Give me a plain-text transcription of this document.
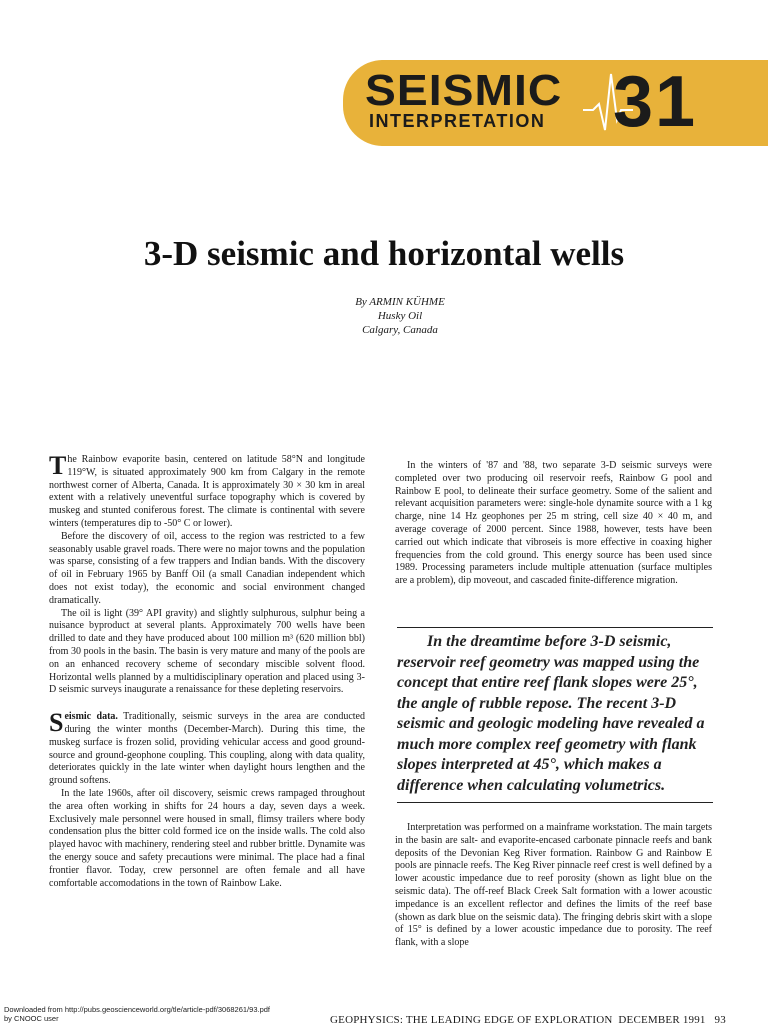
SEISMIC
INTERPRETATION 31
3-D seismic and horizontal wells
By ARMIN KÜHME
Husky Oil
Calgary, Canada

The Rainbow evaporite basin, centered on latitude 58°N and longitude 119°W, is situated approximately 900 km from Calgary in the remote northwest corner of Alberta, Canada. It is approximately 30 × 30 km in areal extent with a relatively uneventful surface topography which is covered by muskeg and stunted coniferous forest. The climate is continental with severe winters (temperatures dip to -50° C or lower).

Before the discovery of oil, access to the region was restricted to a few seasonably usable gravel roads. There were no major towns and the population was sparse, consisting of a few trappers and Indian bands. With the discovery of oil in February 1965 by Banff Oil (a small Canadian independent which does not exist today), the economic and social environment changed dramatically.

The oil is light (39° API gravity) and slightly sulphurous, sulphur being a nuisance byproduct at several plants. Approximately 700 wells have been drilled to date and they have produced about 100 million m³ (620 million bbl) from 30 pools in the basin. The basin is very mature and many of the pools are on an enhanced recovery scheme of secondary miscible solvent flood. Horizontal wells planned by a multidisciplinary operation and placed using 3-D seismic surveys inaugurate a renaissance for these depleting reservoirs.

Seismic data. Traditionally, seismic surveys in the area are conducted during the winter months (December-March). During this time, the muskeg surface is frozen solid, providing vehicular access and good ground-source and ground-geophone coupling. This coupling, along with data quality, deteriorates quickly in the late winter when daylight hours lengthen and the ground softens.

In the late 1960s, after oil discovery, seismic crews rampaged throughout the area often working in shifts for 24 hours a day, seven days a week. Exclusively male personnel were housed in small, flimsy trailers where body condensation plus the bitter cold formed ice on the inside walls. The cold also played havoc with machinery, rendering steel and rubber brittle. Dynamite was the energy souce and safety precautions were minimal. The place had a final frontier flavor. Today, crew personnel are often female and all have comfortable accomodations in the town of Rainbow Lake.

In the winters of '87 and '88, two separate 3-D seismic surveys were completed over two producing oil reservoir reefs, Rainbow G pool and Rainbow E pool, to delineate their surface geometry. Some of the salient and relevant acquisition parameters were: single-hole dynamite source with a 1 kg charge, nine 14 Hz geophones per 25 m string, cell size 40 × 40 m, and average coverage of 2000 percent. Since 1988, however, tests have been carried out which indicate that vibroseis is more effective in coaxing higher frequencies from the cold ground. This energy source has been used since 1989. Processing parameters include multiple attenuation (surface multiples are a problem), dip moveout, and cascaded finite-difference migration.

In the dreamtime before 3-D seismic, reservoir reef geometry was mapped using the concept that entire reef flank slopes were 25°, the angle of rubble repose. The recent 3-D seismic and geologic modeling have revealed a much more complex reef geometry with flank slopes interpreted at 45°, which makes a difference when calculating volumetrics.

Interpretation was performed on a mainframe workstation. The main targets in the basin are salt- and evaporite-encased carbonate pinnacle reefs and bank deposits of the Devonian Keg River formation. Rainbow G and Rainbow E pools are pinnacle reefs. The Keg River pinnacle reef crest is well defined by a lower acoustic impedance due to reef porosity (shown as light blue on the seismic data). The off-reef Black Creek Salt formation with a lower acoustic impedance is an excellent reflector and defines the limits of the reef base (shown as dark blue on the seismic data). The fringing debris skirt with a slope of 15° is defined by a lower acoustic impedance due to porosity. The reef flank, with a slope

Downloaded from http://pubs.geoscienceworld.org/tle/article-pdf/3068261/93.pdf
by CNOOC user	GEOPHYSICS: THE LEADING EDGE OF EXPLORATION DECEMBER 1991 93
